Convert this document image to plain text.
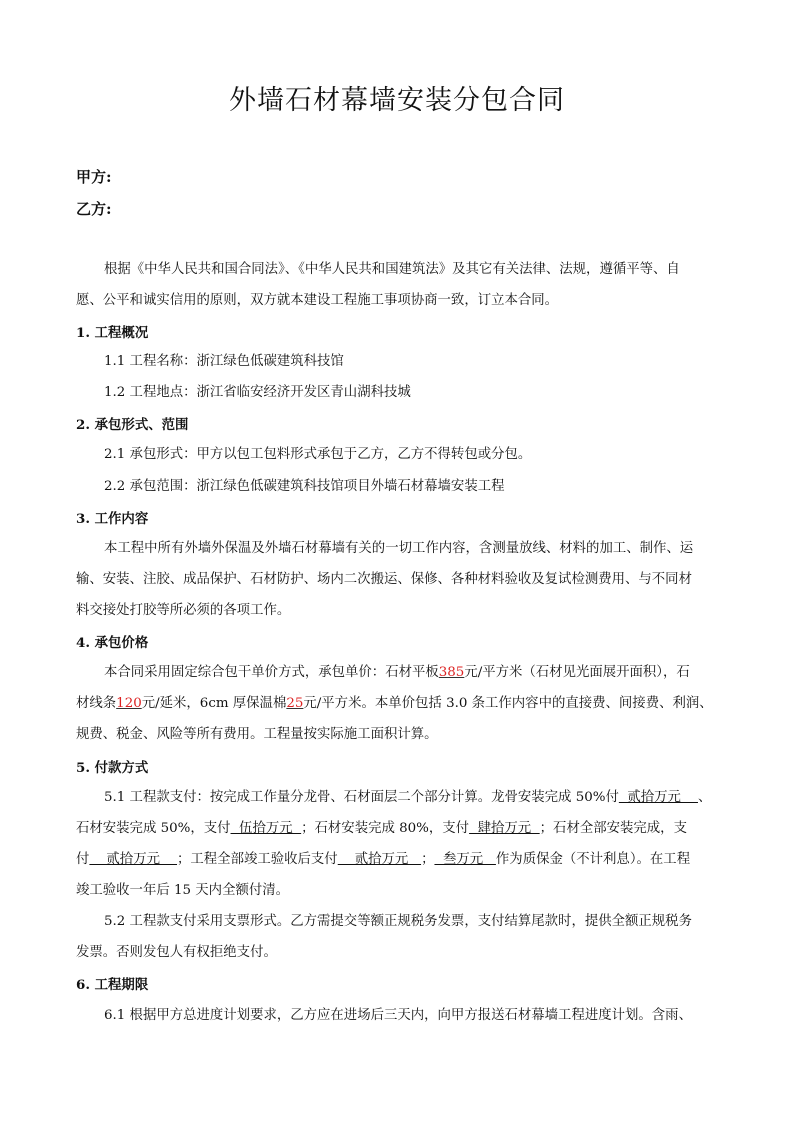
外墙石材幕墙安装分包合同
甲方:
乙方:
根据《中华人民共和国合同法》、《中华人民共和国建筑法》及其它有关法律、法规，遵循平等、自
愿、公平和诚实信用的原则，双方就本建设工程施工事项协商一致，订立本合同。
1. 工程概况
1.1 工程名称：浙江绿色低碳建筑科技馆
1.2 工程地点：浙江省临安经济开发区青山湖科技城
2. 承包形式、范围
2.1 承包形式：甲方以包工包料形式承包于乙方，乙方不得转包或分包。
2.2 承包范围：浙江绿色低碳建筑科技馆项目外墙石材幕墙安装工程
3. 工作内容
本工程中所有外墙外保温及外墙石材幕墙有关的一切工作内容，含测量放线、材料的加工、制作、运
输、安装、注胶、成品保护、石材防护、场内二次搬运、保修、各种材料验收及复试检测费用、与不同材
料交接处打胶等所必须的各项工作。
4. 承包价格
本合同采用固定综合包干单价方式，承包单价：石材平板385元/平方米（石材见光面展开面积），石
材线条120元/延米，6cm 厚保温棉25元/平方米。本单价包括 3.0 条工作内容中的直接费、间接费、利润、
规费、税金、风险等所有费用。工程量按实际施工面积计算。
5. 付款方式
5.1 工程款支付：按完成工作量分龙骨、石材面层二个部分计算。龙骨安装完成 50%付  贰拾万元    、
石材安装完成 50%，支付  伍拾万元  ；石材安装完成 80%，支付  肆拾万元  ；石材全部安装完成，支
付    贰拾万元    ；工程全部竣工验收后支付    贰拾万元   ；  叁万元   作为质保金（不计利息）。在工程
竣工验收一年后 15 天内全额付清。
5.2 工程款支付采用支票形式。乙方需提交等额正规税务发票，支付结算尾款时，提供全额正规税务
发票。否则发包人有权拒绝支付。
6. 工程期限
6.1 根据甲方总进度计划要求，乙方应在进场后三天内，向甲方报送石材幕墙工程进度计划。含雨、
